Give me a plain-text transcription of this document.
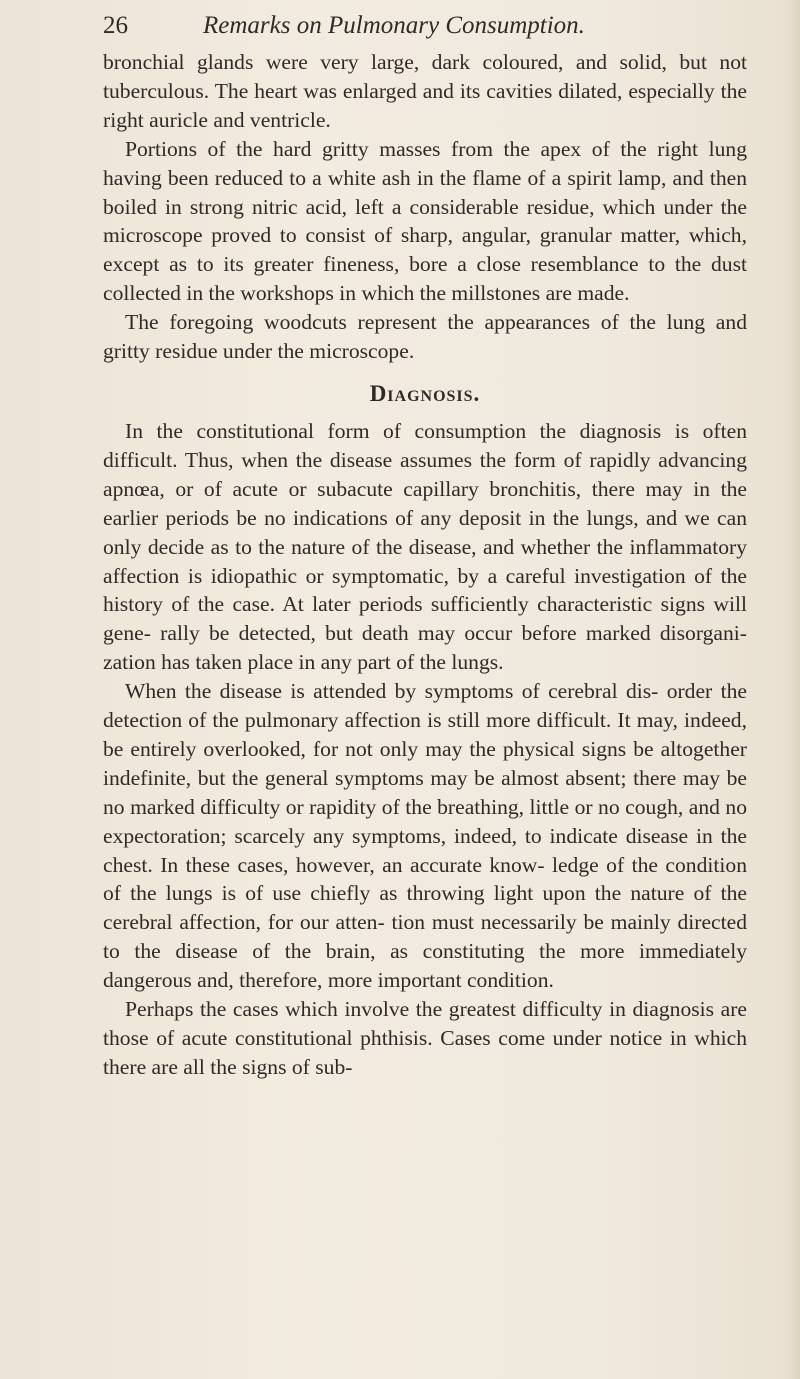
26	Remarks on Pulmonary Consumption.

bronchial glands were very large, dark coloured, and solid, but not tuberculous. The heart was enlarged and its cavities dilated, especially the right auricle and ventricle.

Portions of the hard gritty masses from the apex of the right lung having been reduced to a white ash in the flame of a spirit lamp, and then boiled in strong nitric acid, left a considerable residue, which under the microscope proved to consist of sharp, angular, granular matter, which, except as to its greater fineness, bore a close resemblance to the dust collected in the workshops in which the millstones are made.

The foregoing woodcuts represent the appearances of the lung and gritty residue under the microscope.

Diagnosis.

In the constitutional form of consumption the diagnosis is often difficult. Thus, when the disease assumes the form of rapidly advancing apnœa, or of acute or subacute capillary bronchitis, there may in the earlier periods be no indications of any deposit in the lungs, and we can only decide as to the nature of the disease, and whether the inflammatory affection is idiopathic or symptomatic, by a careful investigation of the history of the case. At later periods sufficiently characteristic signs will gene- rally be detected, but death may occur before marked disorgani- zation has taken place in any part of the lungs.

When the disease is attended by symptoms of cerebral dis- order the detection of the pulmonary affection is still more difficult. It may, indeed, be entirely overlooked, for not only may the physical signs be altogether indefinite, but the general symptoms may be almost absent; there may be no marked difficulty or rapidity of the breathing, little or no cough, and no expectoration; scarcely any symptoms, indeed, to indicate disease in the chest. In these cases, however, an accurate know- ledge of the condition of the lungs is of use chiefly as throwing light upon the nature of the cerebral affection, for our atten- tion must necessarily be mainly directed to the disease of the brain, as constituting the more immediately dangerous and, therefore, more important condition.

Perhaps the cases which involve the greatest difficulty in diagnosis are those of acute constitutional phthisis. Cases come under notice in which there are all the signs of sub-
